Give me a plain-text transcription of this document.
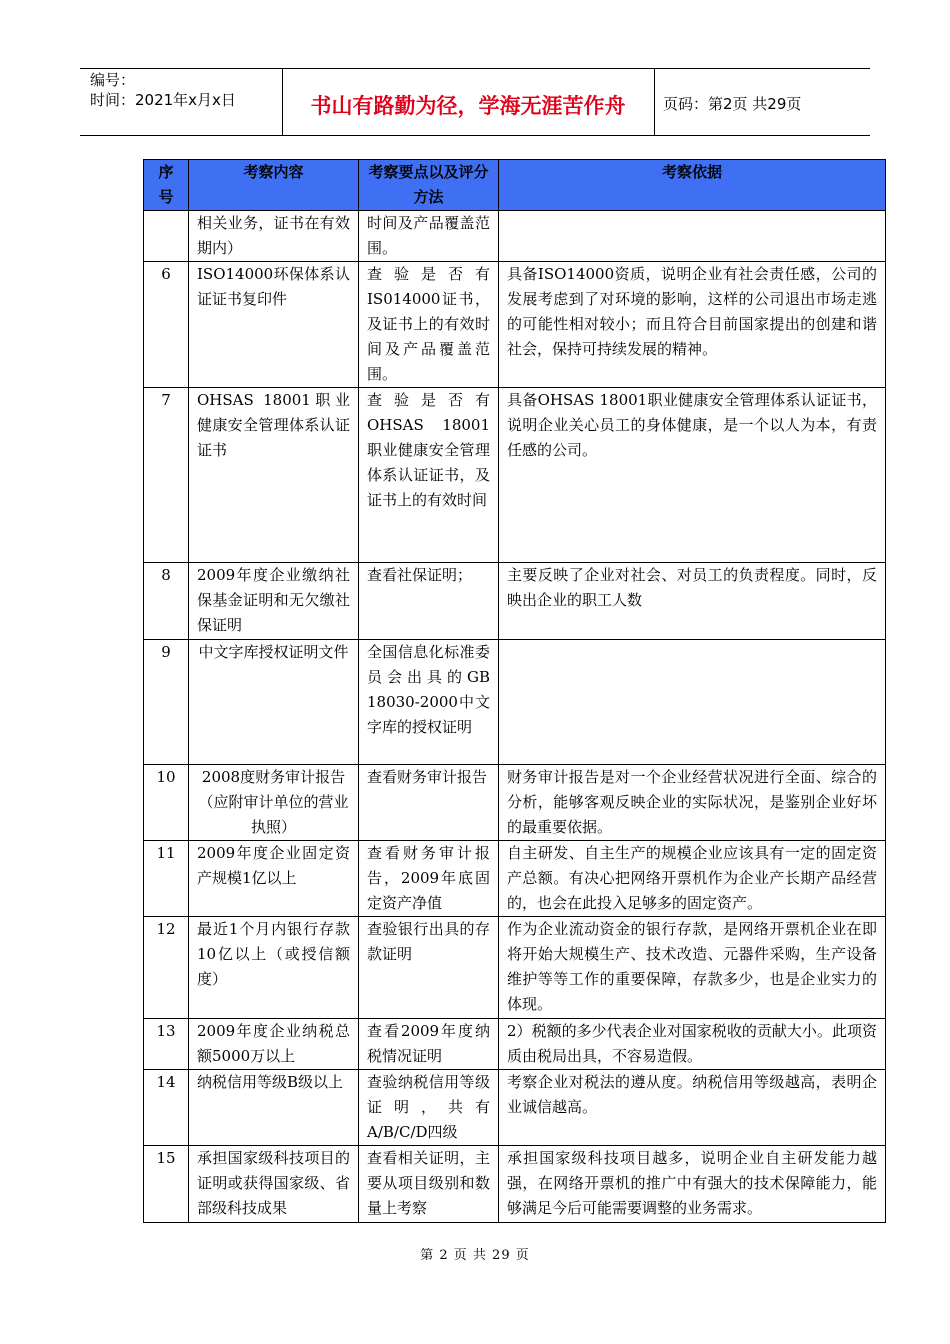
编号：
时间：2021年x月x日	书山有路勤为径，学海无涯苦作舟	页码：第2页 共29页
序号	考察内容	考察要点以及评分方法	考察依据
	相关业务，证书在有效期内）	时间及产品覆盖范围。	
6	ISO14000环保体系认证证书复印件	查验是否有IS014000证书，及证书上的有效时间及产品覆盖范围。	具备ISO14000资质，说明企业有社会责任感，公司的发展考虑到了对环境的影响，这样的公司退出市场走逃的可能性相对较小；而且符合目前国家提出的创建和谐社会，保持可持续发展的精神。
7	OHSAS 18001职业健康安全管理体系认证证书	查验是否有OHSAS 18001职业健康安全管理体系认证证书，及证书上的有效时间	具备OHSAS 18001职业健康安全管理体系认证证书，说明企业关心员工的身体健康，是一个以人为本，有责任感的公司。
8	2009年度企业缴纳社保基金证明和无欠缴社保证明	查看社保证明；	主要反映了企业对社会、对员工的负责程度。同时，反映出企业的职工人数
9	中文字库授权证明文件	全国信息化标准委员会出具的GB 18030-2000中文字库的授权证明	
10	2008度财务审计报告（应附审计单位的营业执照）	查看财务审计报告	财务审计报告是对一个企业经营状况进行全面、综合的分析，能够客观反映企业的实际状况，是鉴别企业好坏的最重要依据。
11	2009年度企业固定资产规模1亿以上	查看财务审计报告，2009年底固定资产净值	自主研发、自主生产的规模企业应该具有一定的固定资产总额。有决心把网络开票机作为企业产长期产品经营的，也会在此投入足够多的固定资产。
12	最近1个月内银行存款10亿以上（或授信额度）	查验银行出具的存款证明	作为企业流动资金的银行存款，是网络开票机企业在即将开始大规模生产、技术改造、元器件采购，生产设备维护等等工作的重要保障，存款多少，也是企业实力的体现。
13	2009年度企业纳税总额5000万以上	查看2009年度纳税情况证明	2）税额的多少代表企业对国家税收的贡献大小。此项资质由税局出具，不容易造假。
14	纳税信用等级B级以上	查验纳税信用等级证明，共有A/B/C/D四级	考察企业对税法的遵从度。纳税信用等级越高，表明企业诚信越高。
15	承担国家级科技项目的证明或获得国家级、省部级科技成果	查看相关证明，主要从项目级别和数量上考察	承担国家级科技项目越多，说明企业自主研发能力越强，在网络开票机的推广中有强大的技术保障能力，能够满足今后可能需要调整的业务需求。
第 2 页 共 29 页
